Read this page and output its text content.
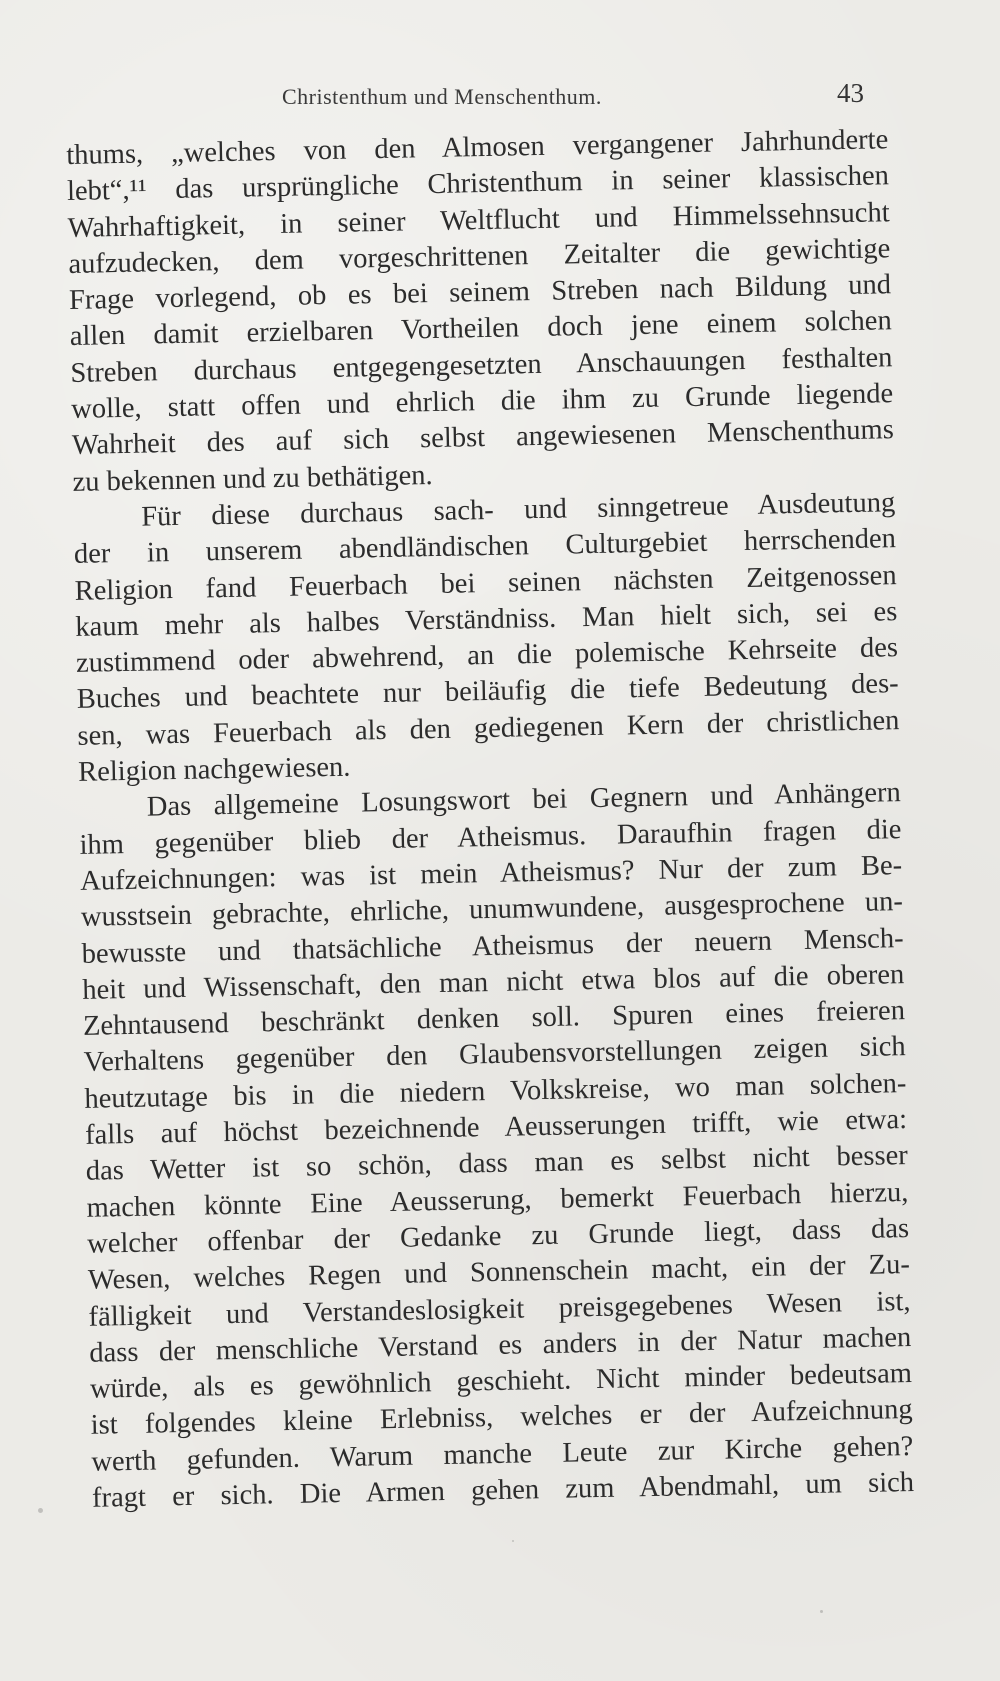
Christenthum und Menschenthum.	43
thums, „welches von den Almosen vergangener Jahrhunderte
lebt“,¹¹ das ursprüngliche Christenthum in seiner klassischen
Wahrhaftigkeit, in seiner Weltflucht und Himmelssehnsucht
aufzudecken, dem vorgeschrittenen Zeitalter die gewichtige
Frage vorlegend, ob es bei seinem Streben nach Bildung und
allen damit erzielbaren Vortheilen doch jene einem solchen
Streben durchaus entgegengesetzten Anschauungen festhalten
wolle, statt offen und ehrlich die ihm zu Grunde liegende
Wahrheit des auf sich selbst angewiesenen Menschenthums
zu bekennen und zu bethätigen.
Für diese durchaus sach- und sinngetreue Ausdeutung
der in unserem abendländischen Culturgebiet herrschenden
Religion fand Feuerbach bei seinen nächsten Zeitgenossen
kaum mehr als halbes Verständniss. Man hielt sich, sei es
zustimmend oder abwehrend, an die polemische Kehrseite des
Buches und beachtete nur beiläufig die tiefe Bedeutung des-
sen, was Feuerbach als den gediegenen Kern der christlichen
Religion nachgewiesen.
Das allgemeine Losungswort bei Gegnern und Anhängern
ihm gegenüber blieb der Atheismus. Daraufhin fragen die
Aufzeichnungen: was ist mein Atheismus? Nur der zum Be-
wusstsein gebrachte, ehrliche, unumwundene, ausgesprochene un-
bewusste und thatsächliche Atheismus der neuern Mensch-
heit und Wissenschaft, den man nicht etwa blos auf die oberen
Zehntausend beschränkt denken soll. Spuren eines freieren
Verhaltens gegenüber den Glaubensvorstellungen zeigen sich
heutzutage bis in die niedern Volkskreise, wo man solchen-
falls auf höchst bezeichnende Aeusserungen trifft, wie etwa:
das Wetter ist so schön, dass man es selbst nicht besser
machen könnte Eine Aeusserung, bemerkt Feuerbach hierzu,
welcher offenbar der Gedanke zu Grunde liegt, dass das
Wesen, welches Regen und Sonnenschein macht, ein der Zu-
fälligkeit und Verstandeslosigkeit preisgegebenes Wesen ist,
dass der menschliche Verstand es anders in der Natur machen
würde, als es gewöhnlich geschieht. Nicht minder bedeutsam
ist folgendes kleine Erlebniss, welches er der Aufzeichnung
werth gefunden. Warum manche Leute zur Kirche gehen?
fragt er sich. Die Armen gehen zum Abendmahl, um sich
